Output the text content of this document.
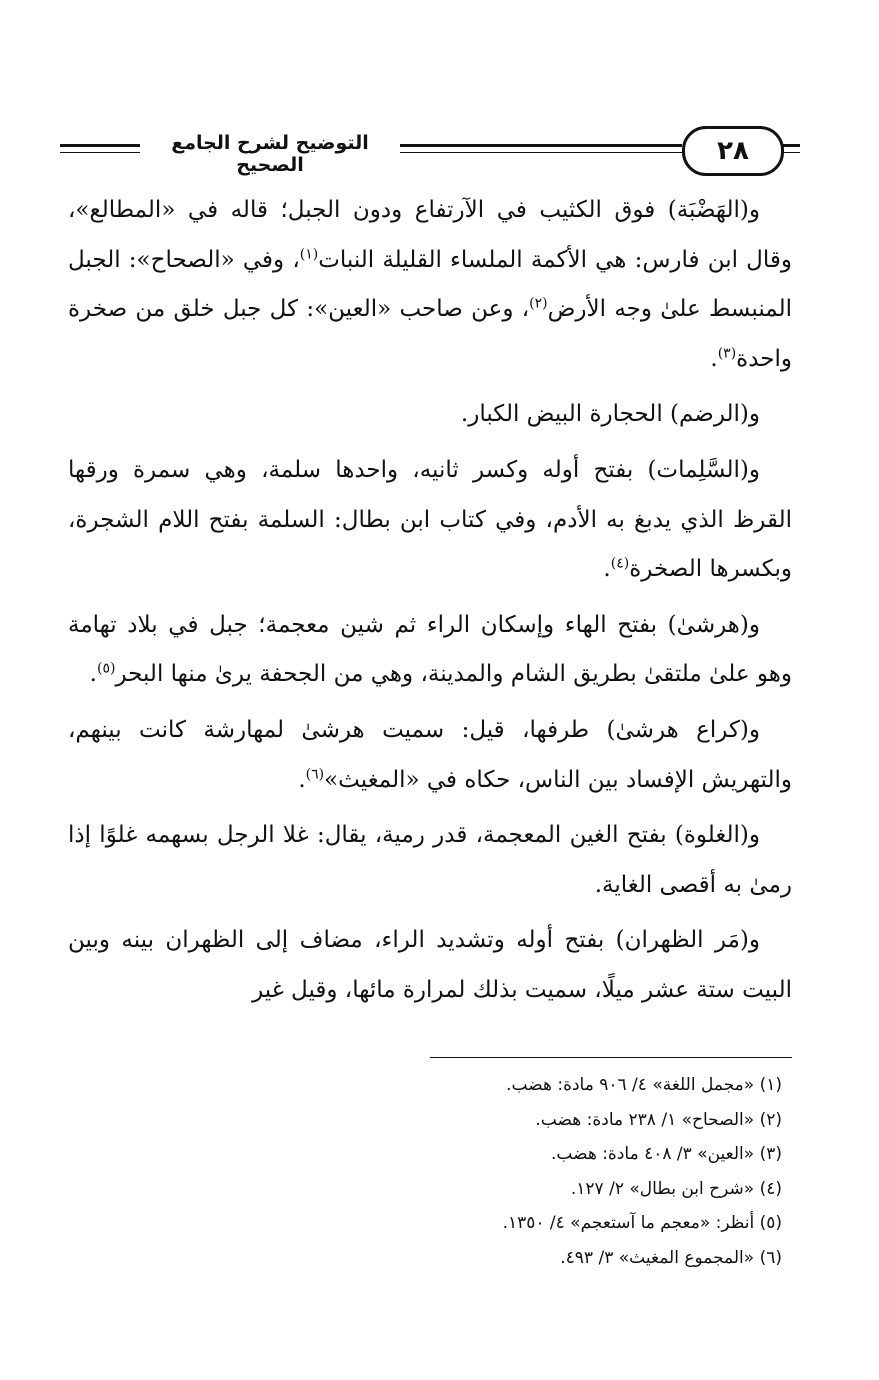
٢٨
التوضيح لشرح الجامع الصحيح

و(الهَضْبَة) فوق الكثيب في الآرتفاع ودون الجبل؛ قاله في «المطالع»، وقال ابن فارس: هي الأكمة الملساء القليلة النبات$^{(١)}$، وفي «الصحاح»: الجبل المنبسط علىٰ وجه الأرض$^{(٢)}$، وعن صاحب «العين»: كل جبل خلق من صخرة واحدة$^{(٣)}$.

و(الرضم) الحجارة البيض الكبار.

و(السَّلِمات) بفتح أوله وكسر ثانيه، واحدها سلمة، وهي سمرة ورقها القرظ الذي يدبغ به الأدم، وفي كتاب ابن بطال: السلمة بفتح اللام الشجرة، وبكسرها الصخرة$^{(٤)}$.

و(هرشىٰ) بفتح الهاء وإسكان الراء ثم شين معجمة؛ جبل في بلاد تهامة وهو علىٰ ملتقىٰ بطريق الشام والمدينة، وهي من الجحفة يرىٰ منها البحر$^{(٥)}$.

و(كراع هرشىٰ) طرفها، قيل: سميت هرشىٰ لمهارشة كانت بينهم، والتهريش الإفساد بين الناس، حكاه في «المغيث»$^{(٦)}$.

و(الغلوة) بفتح الغين المعجمة، قدر رمية، يقال: غلا الرجل بسهمه غلوًا إذا رمىٰ به أقصى الغاية.

و(مَر الظهران) بفتح أوله وتشديد الراء، مضاف إلى الظهران بينه وبين البيت ستة عشر ميلًا، سميت بذلك لمرارة مائها، وقيل غير

(١) «مجمل اللغة» ٤/ ٩٠٦ مادة: هضب.
(٢) «الصحاح» ١/ ٢٣٨ مادة: هضب.
(٣) «العين» ٣/ ٤٠٨ مادة: هضب.
(٤) «شرح ابن بطال» ٢/ ١٢٧.
(٥) أنظر: «معجم ما آستعجم» ٤/ ١٣٥٠.
(٦) «المجموع المغيث» ٣/ ٤٩٣.
